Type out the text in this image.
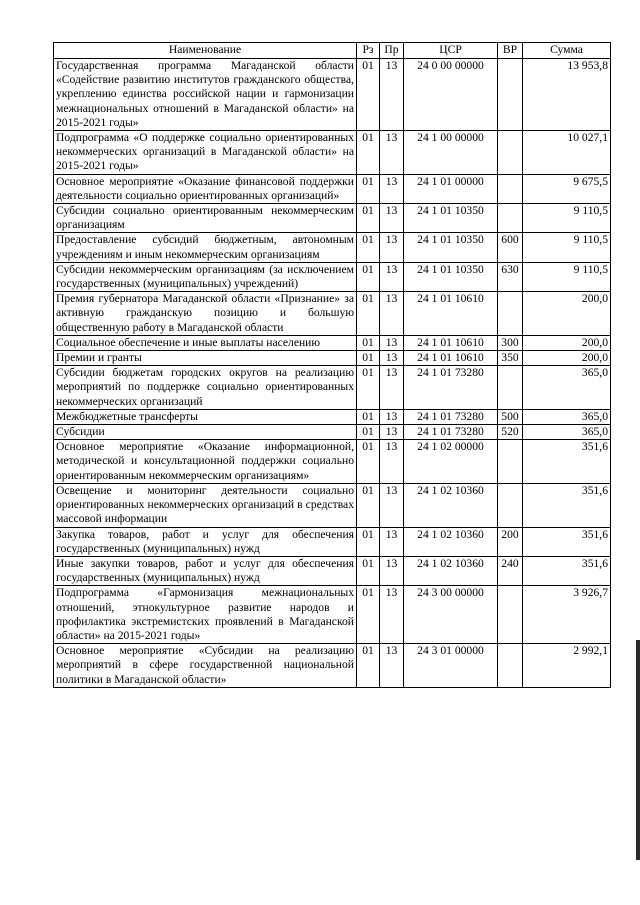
Наименование	Рз	Пр	ЦСР	ВР	Сумма
Государственная программа Магаданской области «Содействие развитию институтов гражданского общества, укреплению единства российской нации и гармонизации межнациональных отношений в Магаданской области» на 2015-2021 годы»	01	13	24 0 00 00000		13 953,8
Подпрограмма «О поддержке социально ориентированных некоммерческих организаций в Магаданской области» на 2015-2021 годы»	01	13	24 1 00 00000		10 027,1
Основное мероприятие «Оказание финансовой поддержки деятельности социально ориентированных организаций»	01	13	24 1 01 00000		9 675,5
Субсидии социально ориентированным некоммерческим организациям	01	13	24 1 01 10350		9 110,5
Предоставление субсидий бюджетным, автономным учреждениям и иным некоммерческим организациям	01	13	24 1 01 10350	600	9 110,5
Субсидии некоммерческим организациям (за исключением государственных (муниципальных) учреждений)	01	13	24 1 01 10350	630	9 110,5
Премия губернатора Магаданской области «Признание» за активную гражданскую позицию и большую общественную работу в Магаданской области	01	13	24 1 01 10610		200,0
Социальное обеспечение и иные выплаты населению	01	13	24 1 01 10610	300	200,0
Премии и гранты	01	13	24 1 01 10610	350	200,0
Субсидии бюджетам городских округов на реализацию мероприятий по поддержке социально ориентированных некоммерческих организаций	01	13	24 1 01 73280		365,0
Межбюджетные трансферты	01	13	24 1 01 73280	500	365,0
Субсидии	01	13	24 1 01 73280	520	365,0
Основное мероприятие «Оказание информационной, методической и консультационной поддержки социально ориентированным некоммерческим организациям»	01	13	24 1 02 00000		351,6
Освещение и мониторинг деятельности социально ориентированных некоммерческих организаций в средствах массовой информации	01	13	24 1 02 10360		351,6
Закупка товаров, работ и услуг для обеспечения государственных (муниципальных) нужд	01	13	24 1 02 10360	200	351,6
Иные закупки товаров, работ и услуг для обеспечения государственных (муниципальных) нужд	01	13	24 1 02 10360	240	351,6
Подпрограмма «Гармонизация межнациональных отношений, этнокультурное развитие народов и профилактика экстремистских проявлений в Магаданской области» на 2015-2021 годы»	01	13	24 3 00 00000		3 926,7
Основное мероприятие «Субсидии на реализацию мероприятий в сфере государственной национальной политики в Магаданской области»	01	13	24 3 01 00000		2 992,1
